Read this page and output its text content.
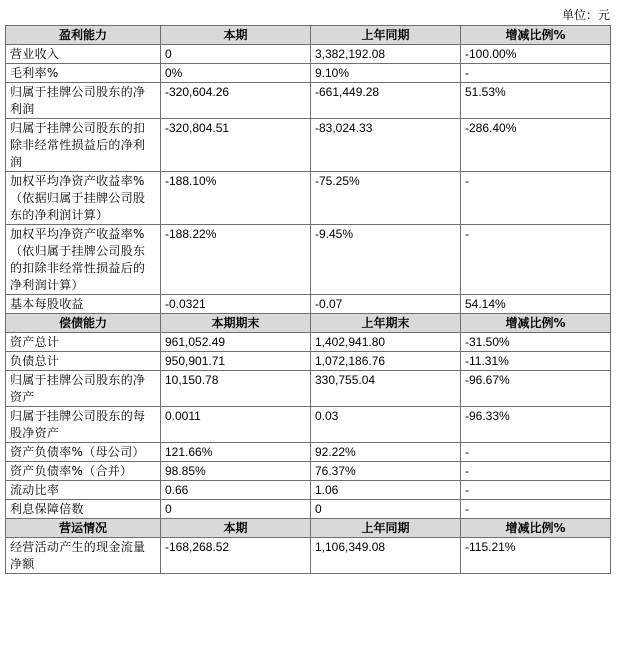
单位：元
盈利能力	本期	上年同期	增减比例%
营业收入	0	3,382,192.08	-100.00%
毛利率%	0%	9.10%	-
归属于挂牌公司股东的净利润	-320,604.26	-661,449.28	51.53%
归属于挂牌公司股东的扣除非经常性损益后的净利润	-320,804.51	-83,024.33	-286.40%
加权平均净资产收益率%（依据归属于挂牌公司股东的净利润计算）	-188.10%	-75.25%	-
加权平均净资产收益率%（依归属于挂牌公司股东的扣除非经常性损益后的净利润计算）	-188.22%	-9.45%	-
基本每股收益	-0.0321	-0.07	54.14%
偿债能力	本期期末	上年期末	增减比例%
资产总计	961,052.49	1,402,941.80	-31.50%
负债总计	950,901.71	1,072,186.76	-11.31%
归属于挂牌公司股东的净资产	10,150.78	330,755.04	-96.67%
归属于挂牌公司股东的每股净资产	0.0011	0.03	-96.33%
资产负债率%（母公司）	121.66%	92.22%	-
资产负债率%（合并）	98.85%	76.37%	-
流动比率	0.66	1.06	-
利息保障倍数	0	0	-
营运情况	本期	上年同期	增减比例%
经营活动产生的现金流量净额	-168,268.52	1,106,349.08	-115.21%
